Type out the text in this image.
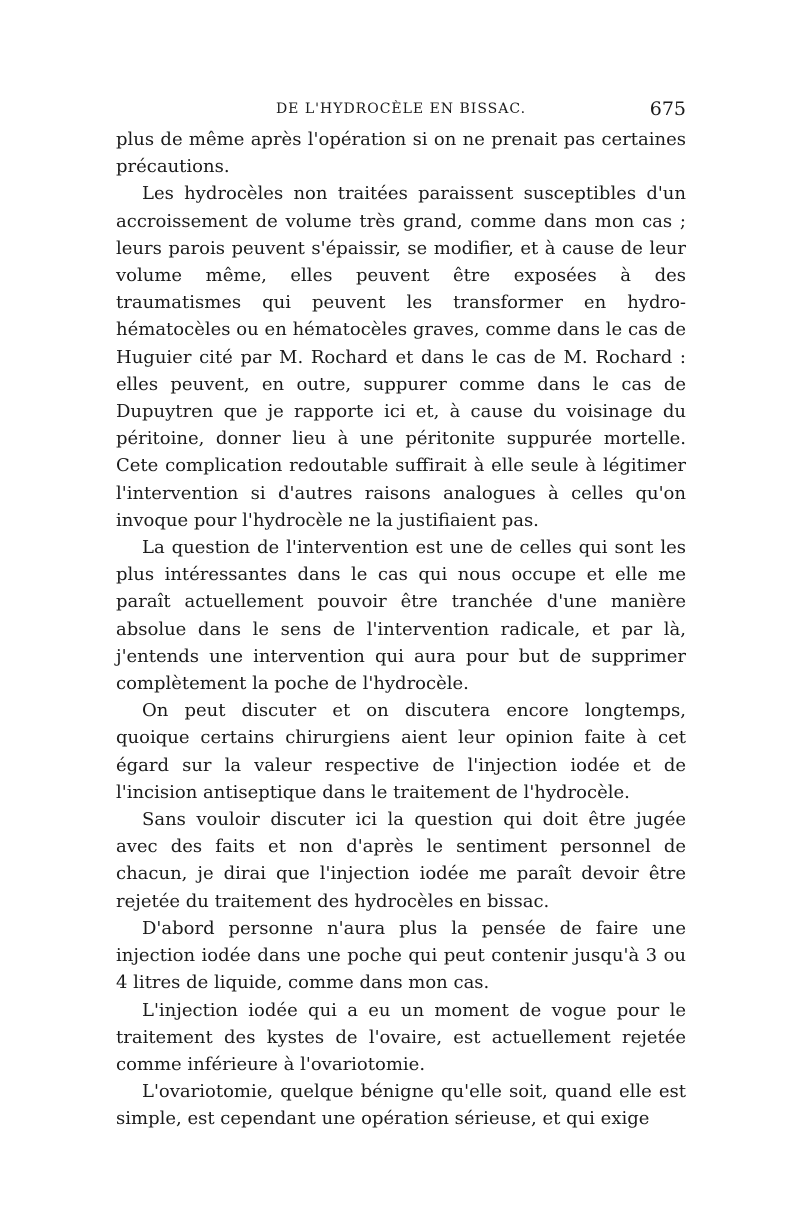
DE L'HYDROCÈLE EN BISSAC.	675

plus de même après l'opération si on ne prenait pas certaines précautions.

Les hydrocèles non traitées paraissent susceptibles d'un accroissement de volume très grand, comme dans mon cas ; leurs parois peuvent s'épaissir, se modifier, et à cause de leur volume même, elles peuvent être exposées à des traumatismes qui peuvent les transformer en hydro-hématocèles ou en hématocèles graves, comme dans le cas de Huguier cité par M. Rochard et dans le cas de M. Rochard : elles peuvent, en outre, suppurer comme dans le cas de Dupuytren que je rapporte ici et, à cause du voisinage du péritoine, donner lieu à une péritonite suppurée mortelle. Cete complication redoutable suffirait à elle seule à légitimer l'intervention si d'autres raisons analogues à celles qu'on invoque pour l'hydrocèle ne la justifiaient pas.

La question de l'intervention est une de celles qui sont les plus intéressantes dans le cas qui nous occupe et elle me paraît actuellement pouvoir être tranchée d'une manière absolue dans le sens de l'intervention radicale, et par là, j'entends une intervention qui aura pour but de supprimer complètement la poche de l'hydrocèle.

On peut discuter et on discutera encore longtemps, quoique certains chirurgiens aient leur opinion faite à cet égard sur la valeur respective de l'injection iodée et de l'incision antiseptique dans le traitement de l'hydrocèle.

Sans vouloir discuter ici la question qui doit être jugée avec des faits et non d'après le sentiment personnel de chacun, je dirai que l'injection iodée me paraît devoir être rejetée du traitement des hydrocèles en bissac.

D'abord personne n'aura plus la pensée de faire une injection iodée dans une poche qui peut contenir jusqu'à 3 ou 4 litres de liquide, comme dans mon cas.

L'injection iodée qui a eu un moment de vogue pour le traitement des kystes de l'ovaire, est actuellement rejetée comme inférieure à l'ovariotomie.

L'ovariotomie, quelque bénigne qu'elle soit, quand elle est simple, est cependant une opération sérieuse, et qui exige
